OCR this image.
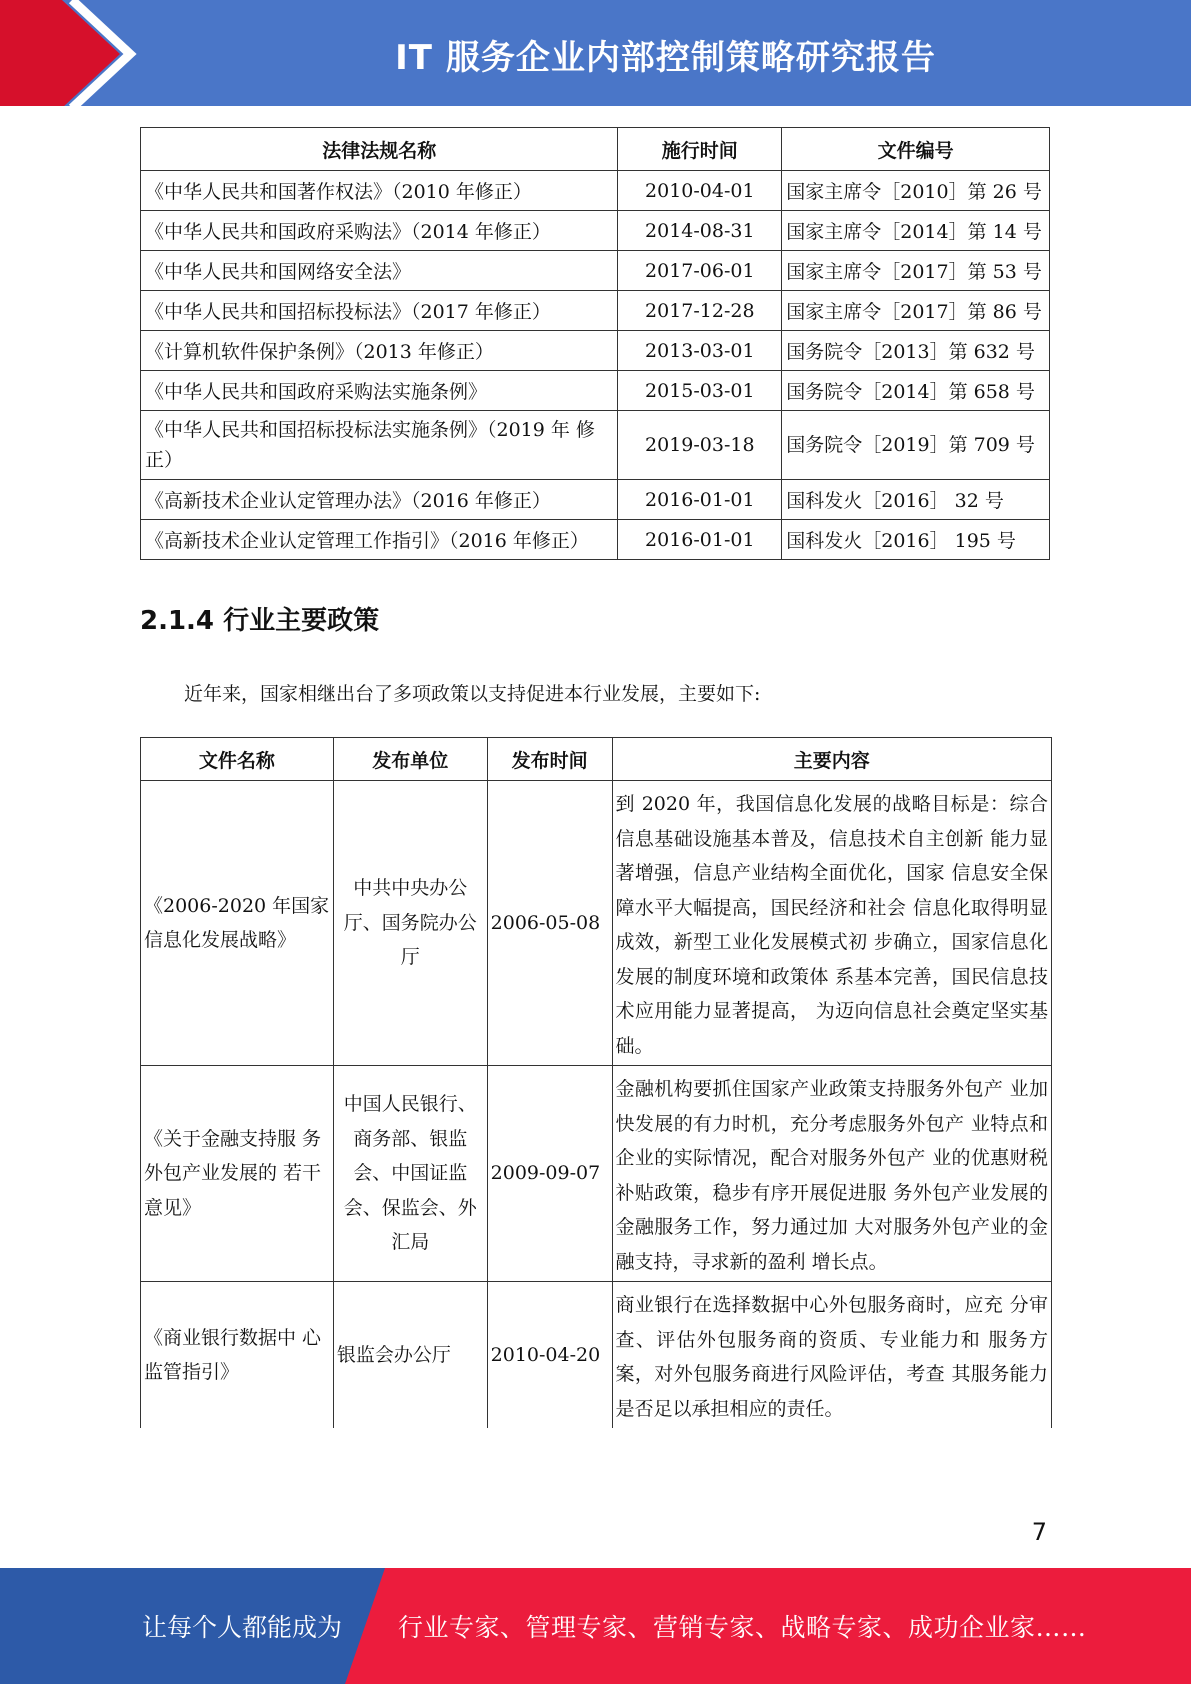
IT 服务企业内部控制策略研究报告
法律法规名称	施行时间	文件编号
《中华人民共和国著作权法》（2010 年修正）	2010-04-01	国家主席令［2010］第 26 号
《中华人民共和国政府采购法》（2014 年修正）	2014-08-31	国家主席令［2014］第 14 号
《中华人民共和国网络安全法》	2017-06-01	国家主席令［2017］第 53 号
《中华人民共和国招标投标法》（2017 年修正）	2017-12-28	国家主席令［2017］第 86 号
《计算机软件保护条例》（2013 年修正）	2013-03-01	国务院令［2013］第 632 号
《中华人民共和国政府采购法实施条例》	2015-03-01	国务院令［2014］第 658 号
《中华人民共和国招标投标法实施条例》（2019 年 修正）	2019-03-18	国务院令［2019］第 709 号
《高新技术企业认定管理办法》（2016 年修正）	2016-01-01	国科发火［2016］ 32 号
《高新技术企业认定管理工作指引》（2016 年修正）	2016-01-01	国科发火［2016］ 195 号
2.1.4 行业主要政策
近年来，国家相继出台了多项政策以支持促进本行业发展，主要如下:
文件名称	发布单位	发布时间	主要内容
《2006-2020 年国家信息化发展战略》	中共中央办公厅、国务院办公厅	2006-05-08	到 2020 年，我国信息化发展的战略目标是：综合信息基础设施基本普及，信息技术自主创新 能力显著增强，信息产业结构全面优化，国家 信息安全保障水平大幅提高，国民经济和社会 信息化取得明显成效，新型工业化发展模式初 步确立，国家信息化发展的制度环境和政策体 系基本完善，国民信息技术应用能力显著提高， 为迈向信息社会奠定坚实基础。
《关于金融支持服 务外包产业发展的 若干意见》	中国人民银行、商务部、银监会、中国证监会、保监会、外汇局	2009-09-07	金融机构要抓住国家产业政策支持服务外包产 业加快发展的有力时机，充分考虑服务外包产 业特点和企业的实际情况，配合对服务外包产 业的优惠财税补贴政策，稳步有序开展促进服 务外包产业发展的金融服务工作，努力通过加 大对服务外包产业的金融支持，寻求新的盈利 增长点。
《商业银行数据中 心监管指引》	银监会办公厅	2010-04-20	商业银行在选择数据中心外包服务商时，应充 分审查、评估外包服务商的资质、专业能力和 服务方案，对外包服务商进行风险评估，考查 其服务能力是否足以承担相应的责任。
7
让每个人都能成为 行业专家、管理专家、营销专家、战略专家、成功企业家……
